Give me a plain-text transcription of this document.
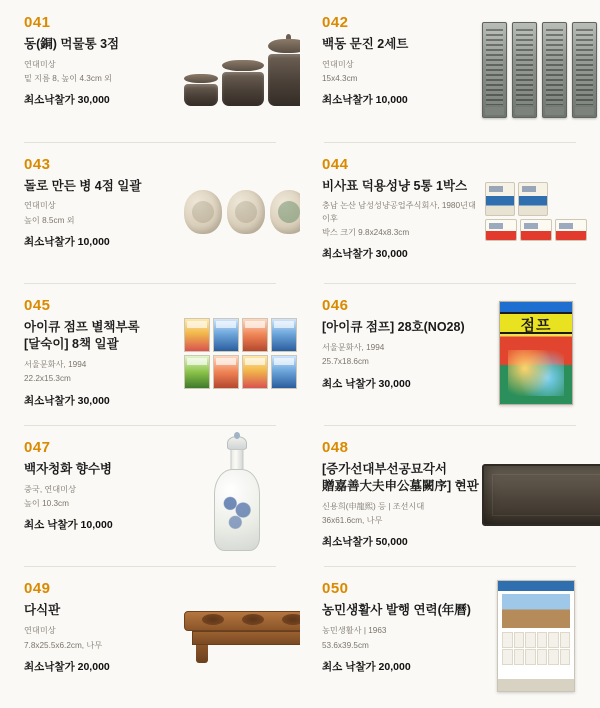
041
동(銅) 먹물통 3점
연대미상
밑 지름 8, 높이 4.3cm 외
최소낙찰가 30,000
042
백동 문진 2세트
연대미상
15x4.3cm
최소낙찰가 10,000
043
돌로 만든 병 4점 일괄
연대미상
높이 8.5cm 외
최소낙찰가 10,000
044
비사표 덕용성냥 5통 1박스
충남 논산 남성성냥공업주식회사, 1980년대 이후
박스 크기 9.8x24x8.3cm
최소낙찰가 30,000
045
아이큐 점프 별책부록 [달숙이] 8책 일괄
서울문화사, 1994
22.2x15.3cm
최소낙찰가 30,000
046
[아이큐 점프] 28호(NO28)
서울문화사, 1994
25.7x18.6cm
최소 낙찰가 30,000
점프
047
백자청화 향수병
중국, 연대미상
높이 10.3cm
최소 낙찰가 10,000
048
[증가선대부선공묘각서 贈嘉善大夫申公墓闕序] 현판
신용희(申龍熙) 등 | 조선시대
36x61.6cm, 나무
최소낙찰가 50,000
049
다식판
연대미상
7.8x25.5x6.2cm, 나무
최소낙찰가 20,000
050
농민생활사 발행 연력(年曆)
농민생활사 | 1963
53.6x39.5cm
최소 낙찰가 20,000
